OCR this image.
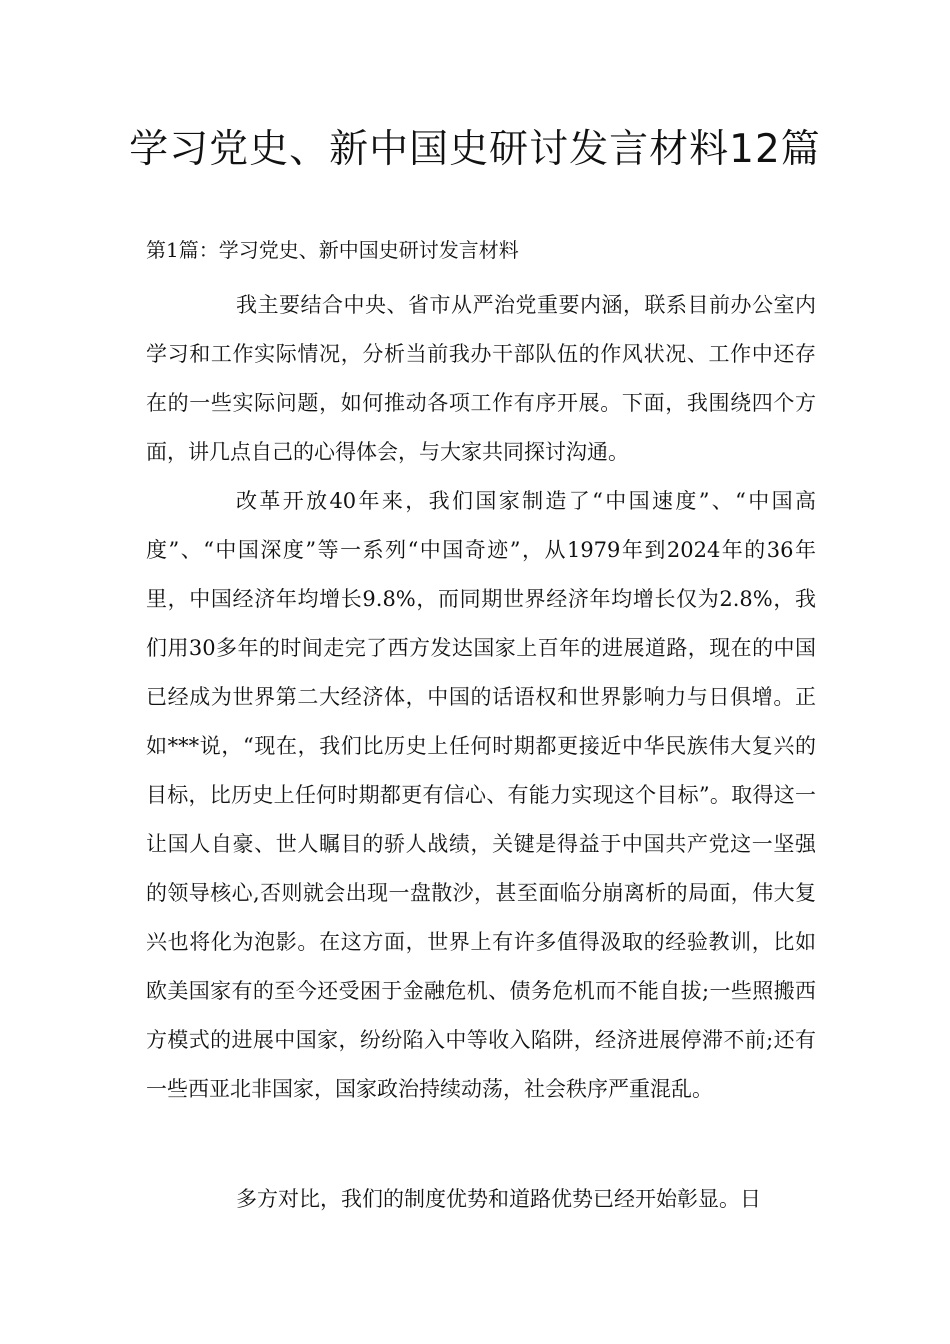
学习党史、新中国史研讨发言材料12篇

第1篇：学习党史、新中国史研讨发言材料

我主要结合中央、省市从严治党重要内涵，联系目前办公室内学习和工作实际情况，分析当前我办干部队伍的作风状况、工作中还存在的一些实际问题，如何推动各项工作有序开展。下面，我围绕四个方面，讲几点自己的心得体会，与大家共同探讨沟通。

改革开放40年来，我们国家制造了“中国速度”、“中国高度”、“中国深度”等一系列“中国奇迹”，从1979年到2024年的36年里，中国经济年均增长9.8%，而同期世界经济年均增长仅为2.8%，我们用30多年的时间走完了西方发达国家上百年的进展道路，现在的中国已经成为世界第二大经济体，中国的话语权和世界影响力与日俱增。正如***说，“现在，我们比历史上任何时期都更接近中华民族伟大复兴的目标，比历史上任何时期都更有信心、有能力实现这个目标”。取得这一让国人自豪、世人瞩目的骄人战绩，关键是得益于中国共产党这一坚强的领导核心,否则就会出现一盘散沙，甚至面临分崩离析的局面，伟大复兴也将化为泡影。在这方面，世界上有许多值得汲取的经验教训，比如欧美国家有的至今还受困于金融危机、债务危机而不能自拔;一些照搬西方模式的进展中国家，纷纷陷入中等收入陷阱，经济进展停滞不前;还有一些西亚北非国家，国家政治持续动荡，社会秩序严重混乱。

多方对比，我们的制度优势和道路优势已经开始彰显。日
